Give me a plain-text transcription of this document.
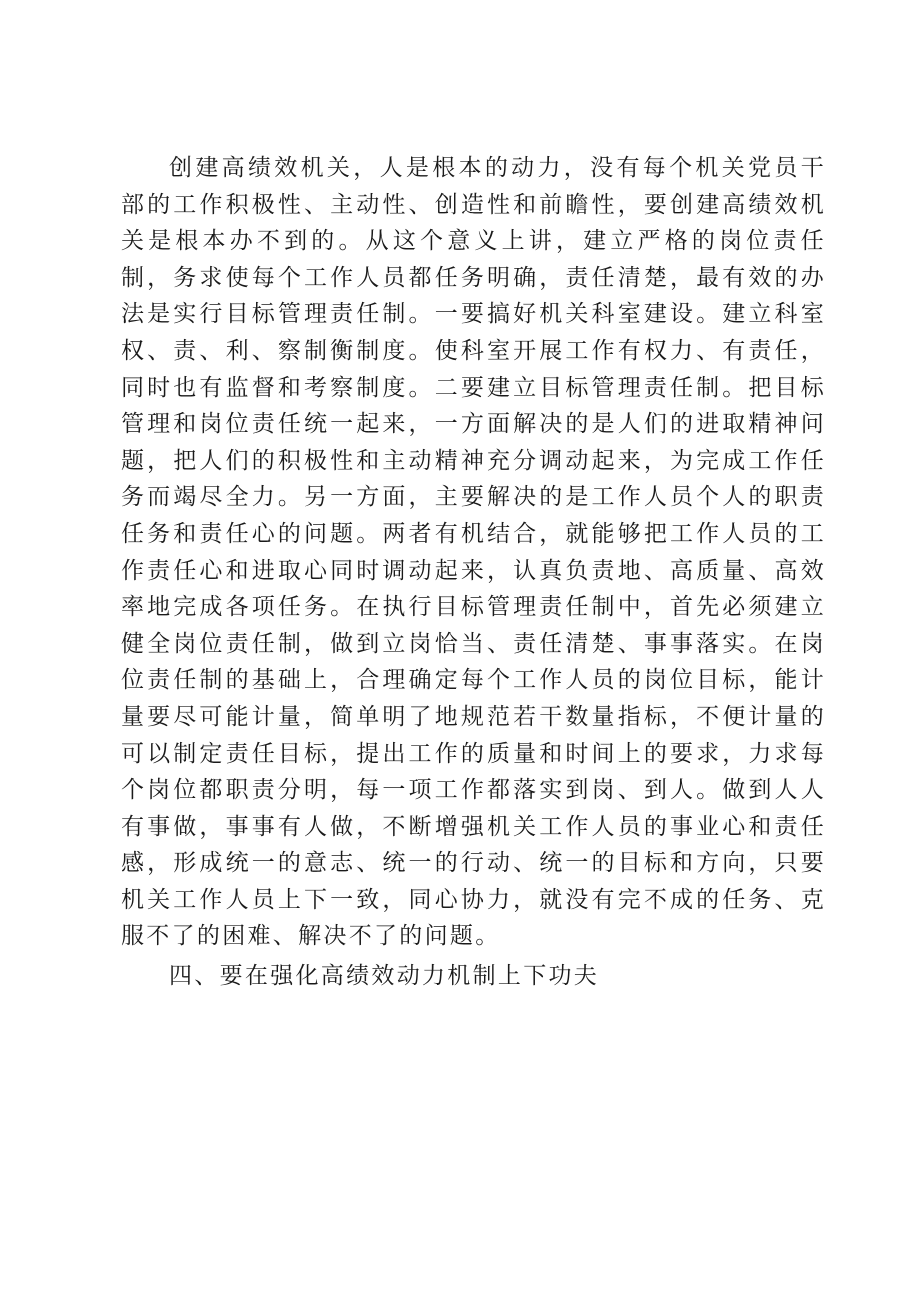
创建高绩效机关，人是根本的动力，没有每个机关党员干部的工作积极性、主动性、创造性和前瞻性，要创建高绩效机关是根本办不到的。从这个意义上讲，建立严格的岗位责任制，务求使每个工作人员都任务明确，责任清楚，最有效的办法是实行目标管理责任制。一要搞好机关科室建设。建立科室权、责、利、察制衡制度。使科室开展工作有权力、有责任，同时也有监督和考察制度。二要建立目标管理责任制。把目标管理和岗位责任统一起来，一方面解决的是人们的进取精神问题，把人们的积极性和主动精神充分调动起来，为完成工作任务而竭尽全力。另一方面，主要解决的是工作人员个人的职责任务和责任心的问题。两者有机结合，就能够把工作人员的工作责任心和进取心同时调动起来，认真负责地、高质量、高效率地完成各项任务。在执行目标管理责任制中，首先必须建立健全岗位责任制，做到立岗恰当、责任清楚、事事落实。在岗位责任制的基础上，合理确定每个工作人员的岗位目标，能计量要尽可能计量，简单明了地规范若干数量指标，不便计量的可以制定责任目标，提出工作的质量和时间上的要求，力求每个岗位都职责分明，每一项工作都落实到岗、到人。做到人人有事做，事事有人做，不断增强机关工作人员的事业心和责任感，形成统一的意志、统一的行动、统一的目标和方向，只要机关工作人员上下一致，同心协力，就没有完不成的任务、克服不了的困难、解决不了的问题。

四、要在强化高绩效动力机制上下功夫
